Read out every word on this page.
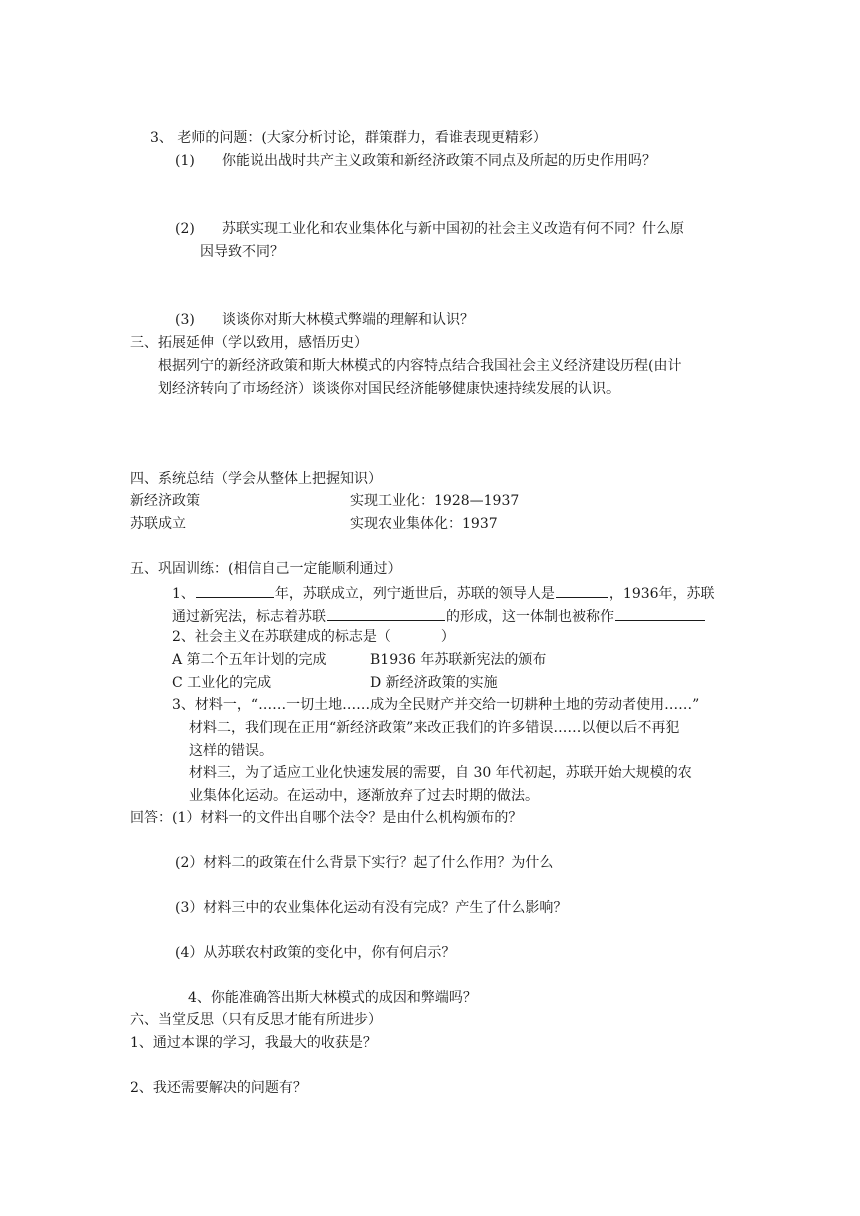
3、 老师的问题：(大家分析讨论，群策群力，看谁表现更精彩）
(1) 你能说出战时共产主义政策和新经济政策不同点及所起的历史作用吗？
(2) 苏联实现工业化和农业集体化与新中国初的社会主义改造有何不同？什么原
因导致不同？
(3) 谈谈你对斯大林模式弊端的理解和认识？
三、拓展延伸（学以致用，感悟历史）
根据列宁的新经济政策和斯大林模式的内容特点结合我国社会主义经济建设历程(由计
划经济转向了市场经济）谈谈你对国民经济能够健康快速持续发展的认识。
四、系统总结（学会从整体上把握知识）
新经济政策	实现工业化：1928—1937
苏联成立	实现农业集体化：1937
五、巩固训练：(相信自己一定能顺利通过）
1、	年，苏联成立，列宁逝世后，苏联的领导人是	，1936年，苏联
通过新宪法，标志着苏联	的形成，这一体制也被称作
2、社会主义在苏联建成的标志是（	）
A 第二个五年计划的完成	B1936 年苏联新宪法的颁布
C 工业化的完成	D 新经济政策的实施
3、材料一，“……一切土地……成为全民财产并交给一切耕种土地的劳动者使用……”
材料二，我们现在正用“新经济政策”来改正我们的许多错误……以便以后不再犯
这样的错误。
材料三，为了适应工业化快速发展的需要，自 30 年代初起，苏联开始大规模的农
业集体化运动。在运动中，逐渐放弃了过去时期的做法。
回答：(1）材料一的文件出自哪个法令？是由什么机构颁布的？
(2）材料二的政策在什么背景下实行？起了什么作用？为什么
(3）材料三中的农业集体化运动有没有完成？产生了什么影响？
(4）从苏联农村政策的变化中，你有何启示？
4、你能准确答出斯大林模式的成因和弊端吗？
六、当堂反思（只有反思才能有所进步）
1、通过本课的学习，我最大的收获是？
2、我还需要解决的问题有？
